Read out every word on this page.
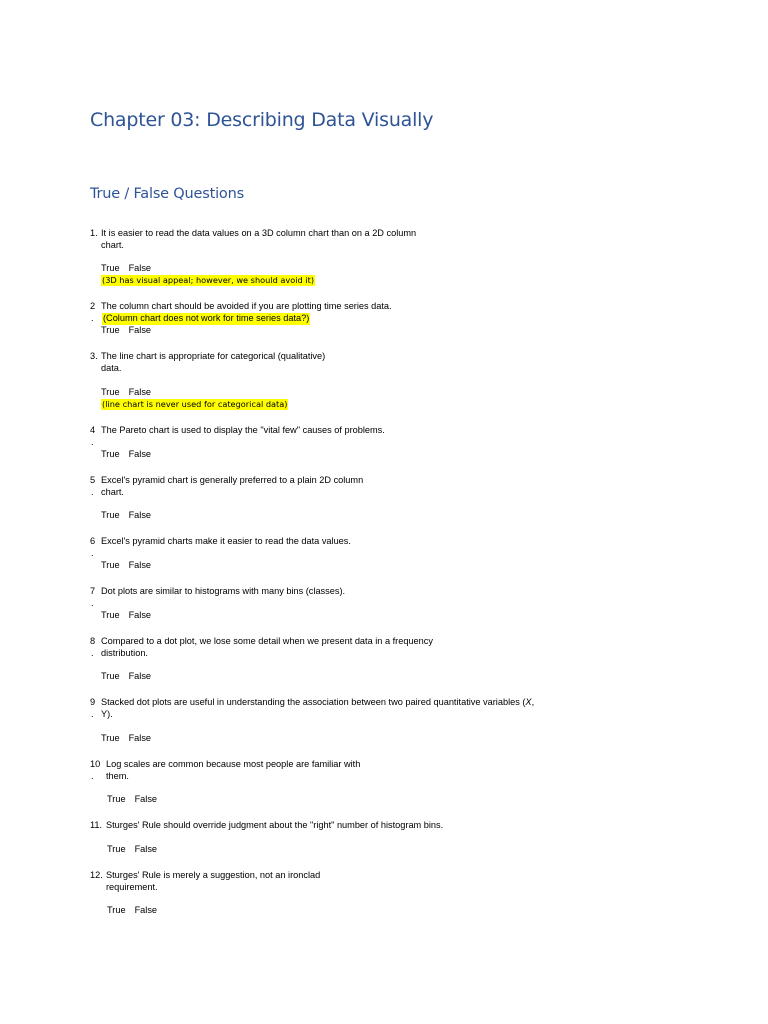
Chapter 03: Describing Data Visually
True / False Questions
1. It is easier to read the data values on a 3D column chart than on a 2D column
chart.
True False
(3D has visual appeal; however, we should avoid it)
2
.
The column chart should be avoided if you are plotting time series data.
(Column chart does not work for time series data?)
True False
3. The line chart is appropriate for categorical (qualitative)
data.
True False
(line chart is never used for categorical data)
4
.
The Pareto chart is used to display the "vital few" causes of problems.
True False
5
.
Excel's pyramid chart is generally preferred to a plain 2D column
chart.
True False
6
.
Excel's pyramid charts make it easier to read the data values.
True False
7
.
Dot plots are similar to histograms with many bins (classes).
True False
8
.
Compared to a dot plot, we lose some detail when we present data in a frequency
distribution.
True False
9
.
Stacked dot plots are useful in understanding the association between two paired quantitative variables (X,
Y).
True False
10
.
Log scales are common because most people are familiar with
them.
True False
11. Sturges' Rule should override judgment about the "right" number of histogram bins.
True False
12. Sturges' Rule is merely a suggestion, not an ironclad
requirement.
True False
